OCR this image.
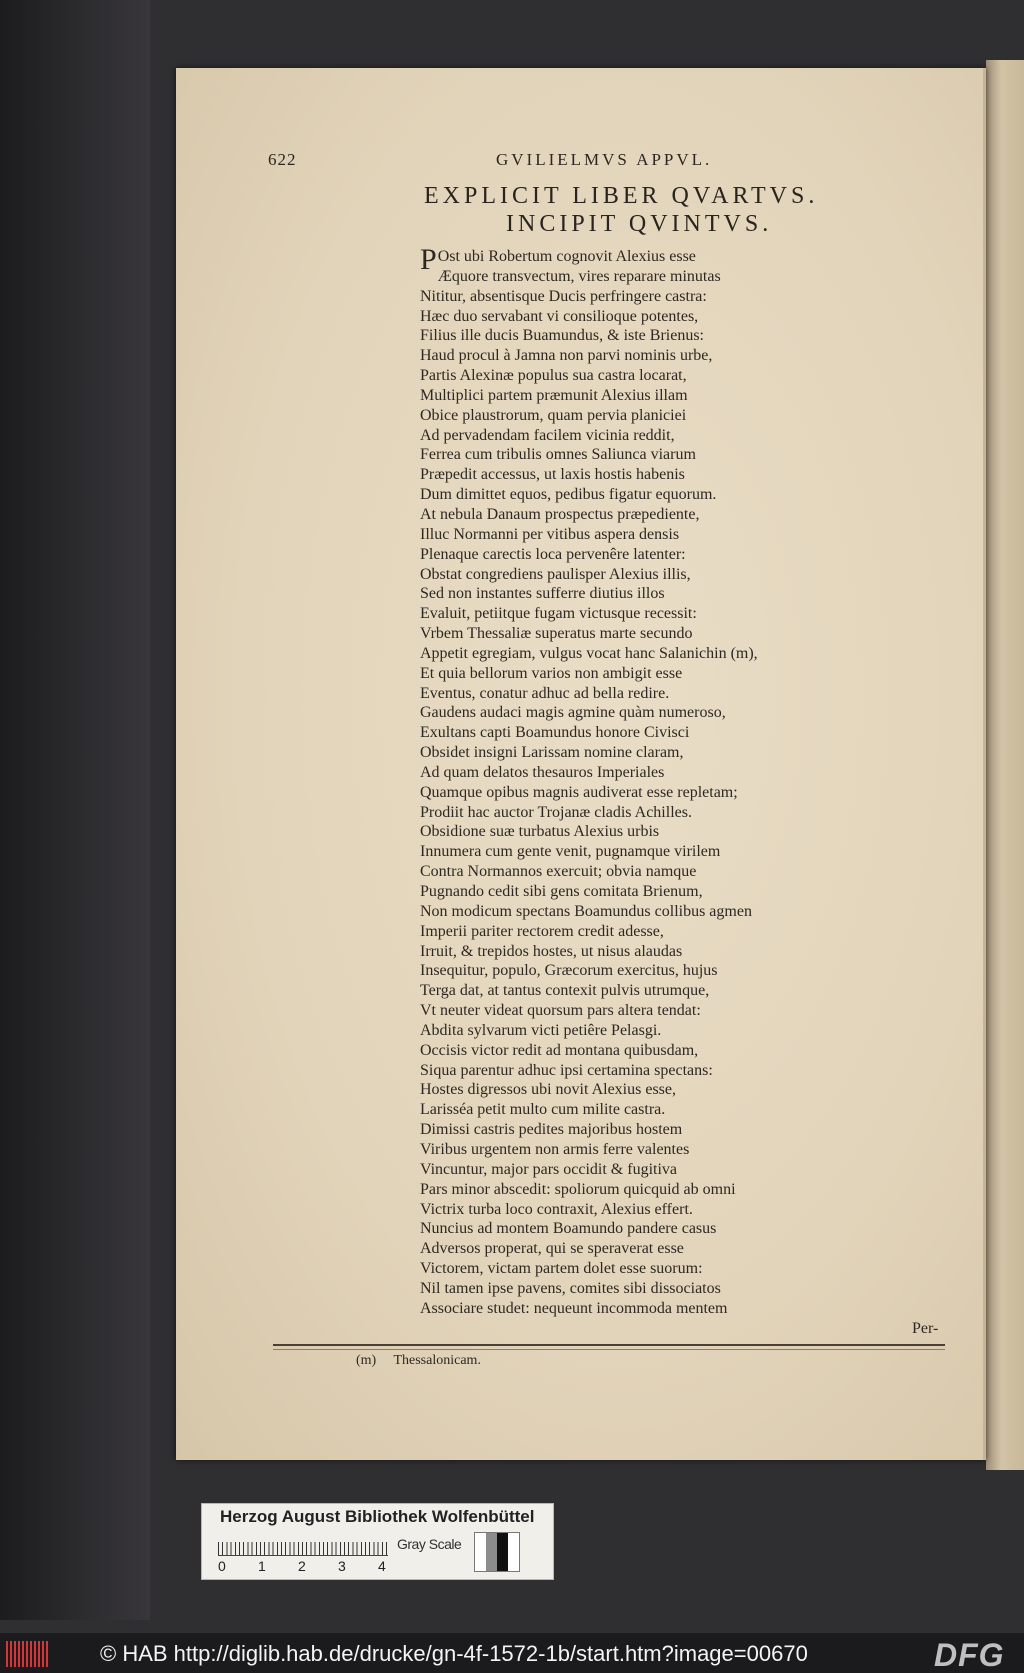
622	GVILIELMVS APPVL.
EXPLICIT LIBER QVARTVS.
INCIPIT QVINTVS.
POst ubi Robertum cognovit Alexius esse
Æquore transvectum, vires reparare minutas
Nititur, absentisque Ducis perfringere castra:
Hæc duo servabant vi consilioque potentes,
Filius ille ducis Buamundus, & iste Brienus:
Haud procul à Jamna non parvi nominis urbe,
Partis Alexinæ populus sua castra locarat,
Multiplici partem præmunit Alexius illam
Obice plaustrorum, quam pervia planiciei
Ad pervadendam facilem vicinia reddit,
Ferrea cum tribulis omnes Saliunca viarum
Præpedit accessus, ut laxis hostis habenis
Dum dimittet equos, pedibus figatur equorum.
At nebula Danaum prospectus præpediente,
Illuc Normanni per vitibus aspera densis
Plenaque carectis loca pervenêre latenter:
Obstat congrediens paulisper Alexius illis,
Sed non instantes sufferre diutius illos
Evaluit, petiitque fugam victusque recessit:
Vrbem Thessaliæ superatus marte secundo
Appetit egregiam, vulgus vocat hanc Salanichin (m),
Et quia bellorum varios non ambigit esse
Eventus, conatur adhuc ad bella redire.
Gaudens audaci magis agmine quàm numeroso,
Exultans capti Boamundus honore Civisci
Obsidet insigni Larissam nomine claram,
Ad quam delatos thesauros Imperiales
Quamque opibus magnis audiverat esse repletam;
Prodiit hac auctor Trojanæ cladis Achilles.
Obsidione suæ turbatus Alexius urbis
Innumera cum gente venit, pugnamque virilem
Contra Normannos exercuit; obvia namque
Pugnando cedit sibi gens comitata Brienum,
Non modicum spectans Boamundus collibus agmen
Imperii pariter rectorem credit adesse,
Irruit, & trepidos hostes, ut nisus alaudas
Insequitur, populo, Græcorum exercitus, hujus
Terga dat, at tantus contexit pulvis utrumque,
Vt neuter videat quorsum pars altera tendat:
Abdita sylvarum victi petiêre Pelasgi.
Occisis victor redit ad montana quibusdam,
Siqua parentur adhuc ipsi certamina spectans:
Hostes digressos ubi novit Alexius esse,
Larisséa petit multo cum milite castra.
Dimissi castris pedites majoribus hostem
Viribus urgentem non armis ferre valentes
Vincuntur, major pars occidit & fugitiva
Pars minor abscedit: spoliorum quicquid ab omni
Victrix turba loco contraxit, Alexius effert.
Nuncius ad montem Boamundo pandere casus
Adversos properat, qui se speraverat esse
Victorem, victam partem dolet esse suorum:
Nil tamen ipse pavens, comites sibi dissociatos
Associare studet: nequeunt incommoda mentem
Per-
(m) Thessalonicam.
Herzog August Bibliothek Wolfenbüttel
0 1 2 3 4
Gray Scale
© HAB http://diglib.hab.de/drucke/gn-4f-1572-1b/start.htm?image=00670	DFG
